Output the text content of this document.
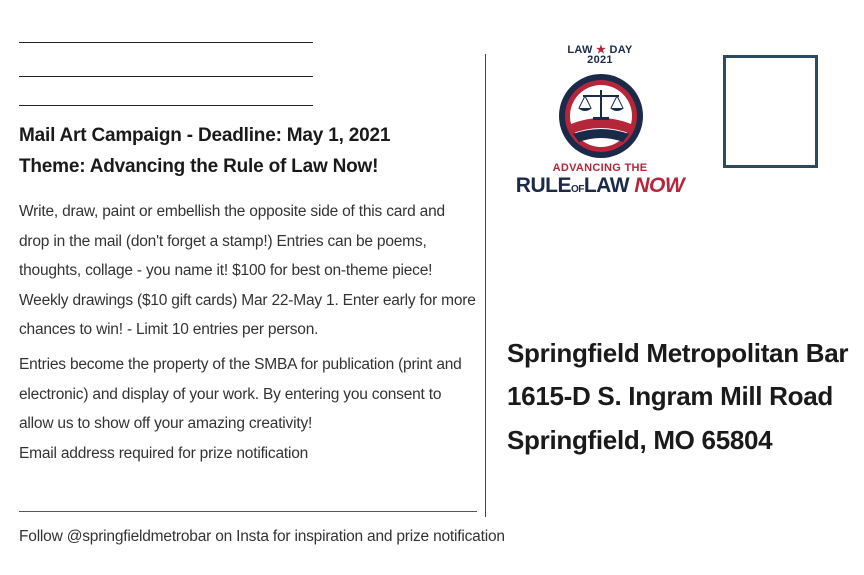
Mail Art Campaign - Deadline: May 1, 2021
Theme: Advancing the Rule of Law Now!
Write, draw, paint or embellish the opposite side of this card and drop in the mail (don't forget a stamp!) Entries can be poems, thoughts, collage - you name it! $100 for best on-theme piece! Weekly drawings ($10 gift cards) Mar 22-May 1. Enter early for more chances to win! - Limit 10 entries per person.
Entries become the property of the SMBA for publication (print and electronic) and display of your work. By entering you consent to allow us to show off your amazing creativity!
Email address required for prize notification
Follow @springfieldmetrobar on Insta for inspiration and prize notification
LAW ★ DAY
2021
ADVANCING THE
RULEOFLAW NOW
Springfield Metropolitan Bar
1615-D S. Ingram Mill Road
Springfield, MO 65804
